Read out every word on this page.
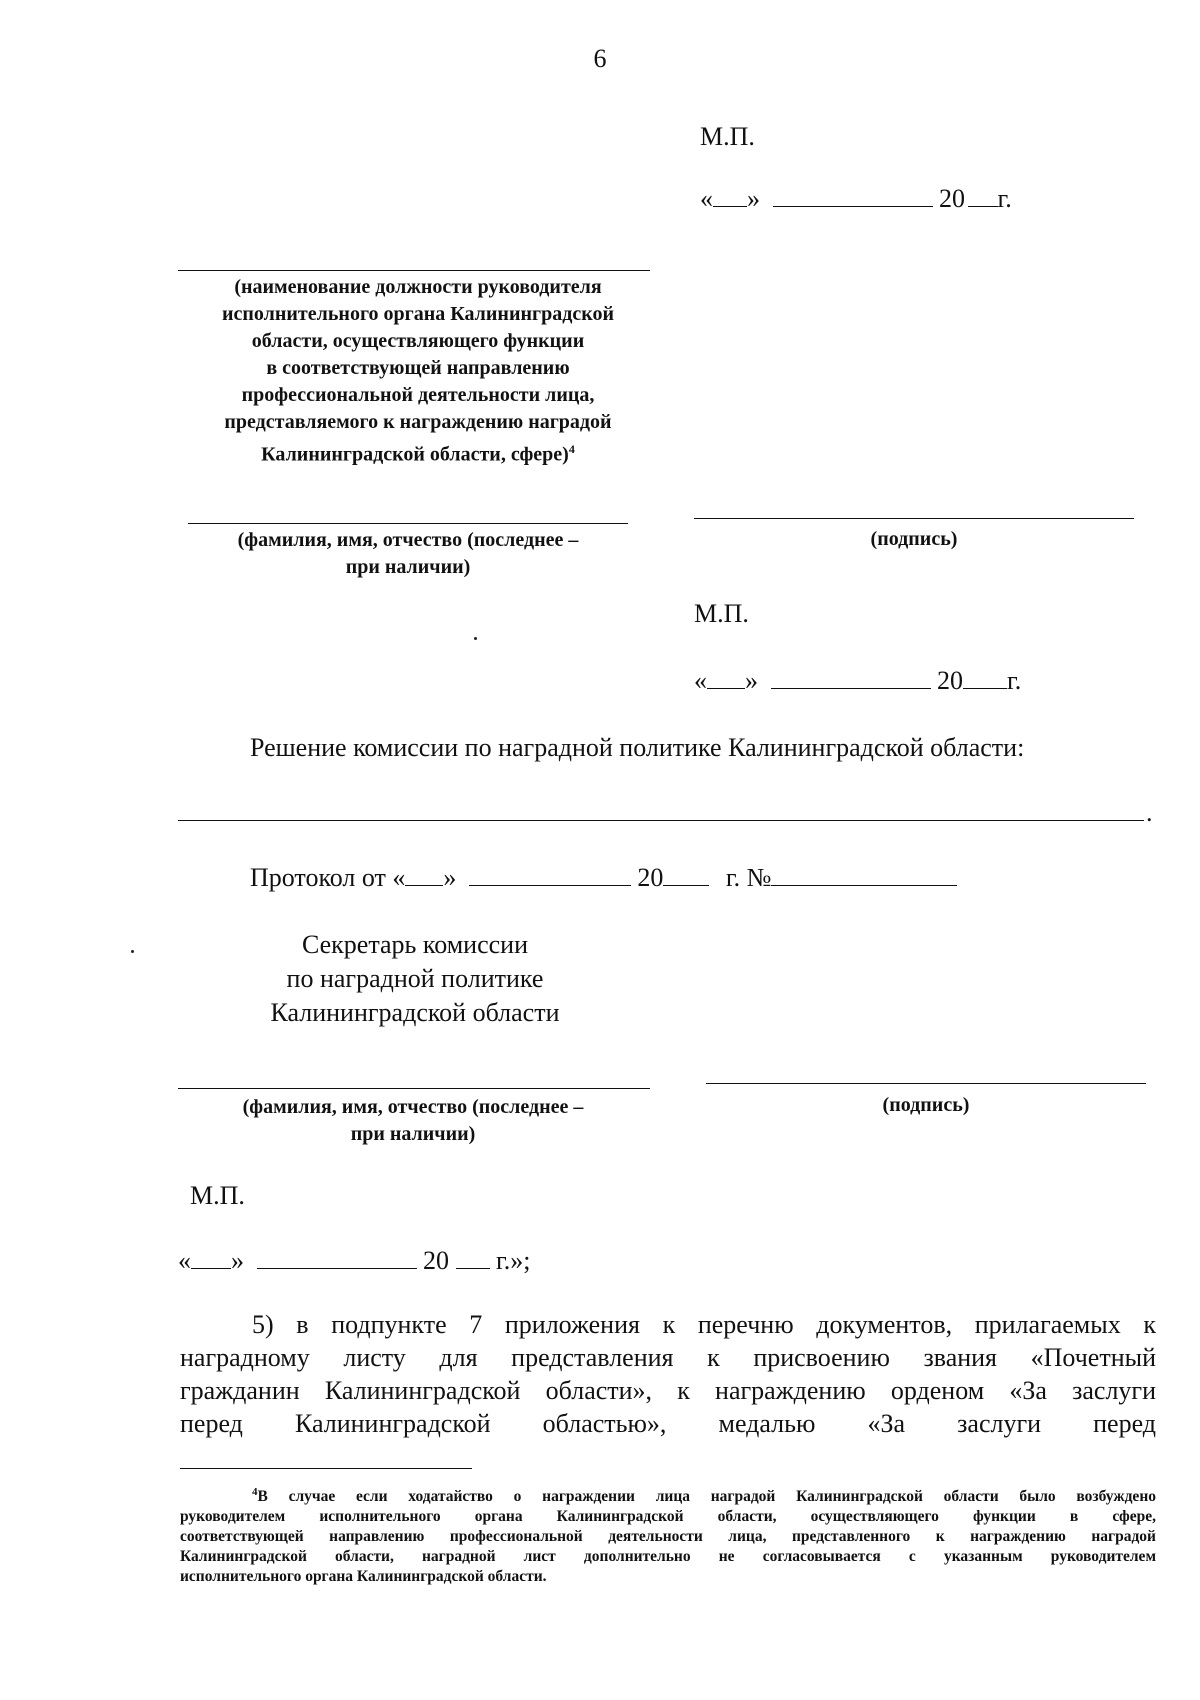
6
М.П.
« »	20 г.
(наименование должности руководителя
исполнительного органа Калининградской
области, осуществляющего функции
в соответствующей направлению
профессиональной деятельности лица,
представляемого к награждению наградой
Калининградской области, сфере)$^4$
(фамилия, имя, отчество (последнее –
при наличии)
(подпись)
М.П.
« »	20 г.
Решение комиссии по наградной политике Калининградской области:
.
Протокол от « »	20 г. №
Секретарь комиссии
по наградной политике
Калининградской области
(фамилия, имя, отчество (последнее –
при наличии)
(подпись)
М.П.
« »	20 г.»;
5) в подпункте 7 приложения к перечню документов, прилагаемых к
наградному листу для представления к присвоению звания «Почетный
гражданин Калининградской области», к награждению орденом «За заслуги
перед Калининградской областью», медалью «За заслуги перед
$^4$В случае если ходатайство о награждении лица наградой Калининградской области было возбуждено
руководителем исполнительного органа Калининградской области, осуществляющего функции в сфере,
соответствующей направлению профессиональной деятельности лица, представленного к награждению наградой
Калининградской области, наградной лист дополнительно не согласовывается с указанным руководителем
исполнительного органа Калининградской области.
